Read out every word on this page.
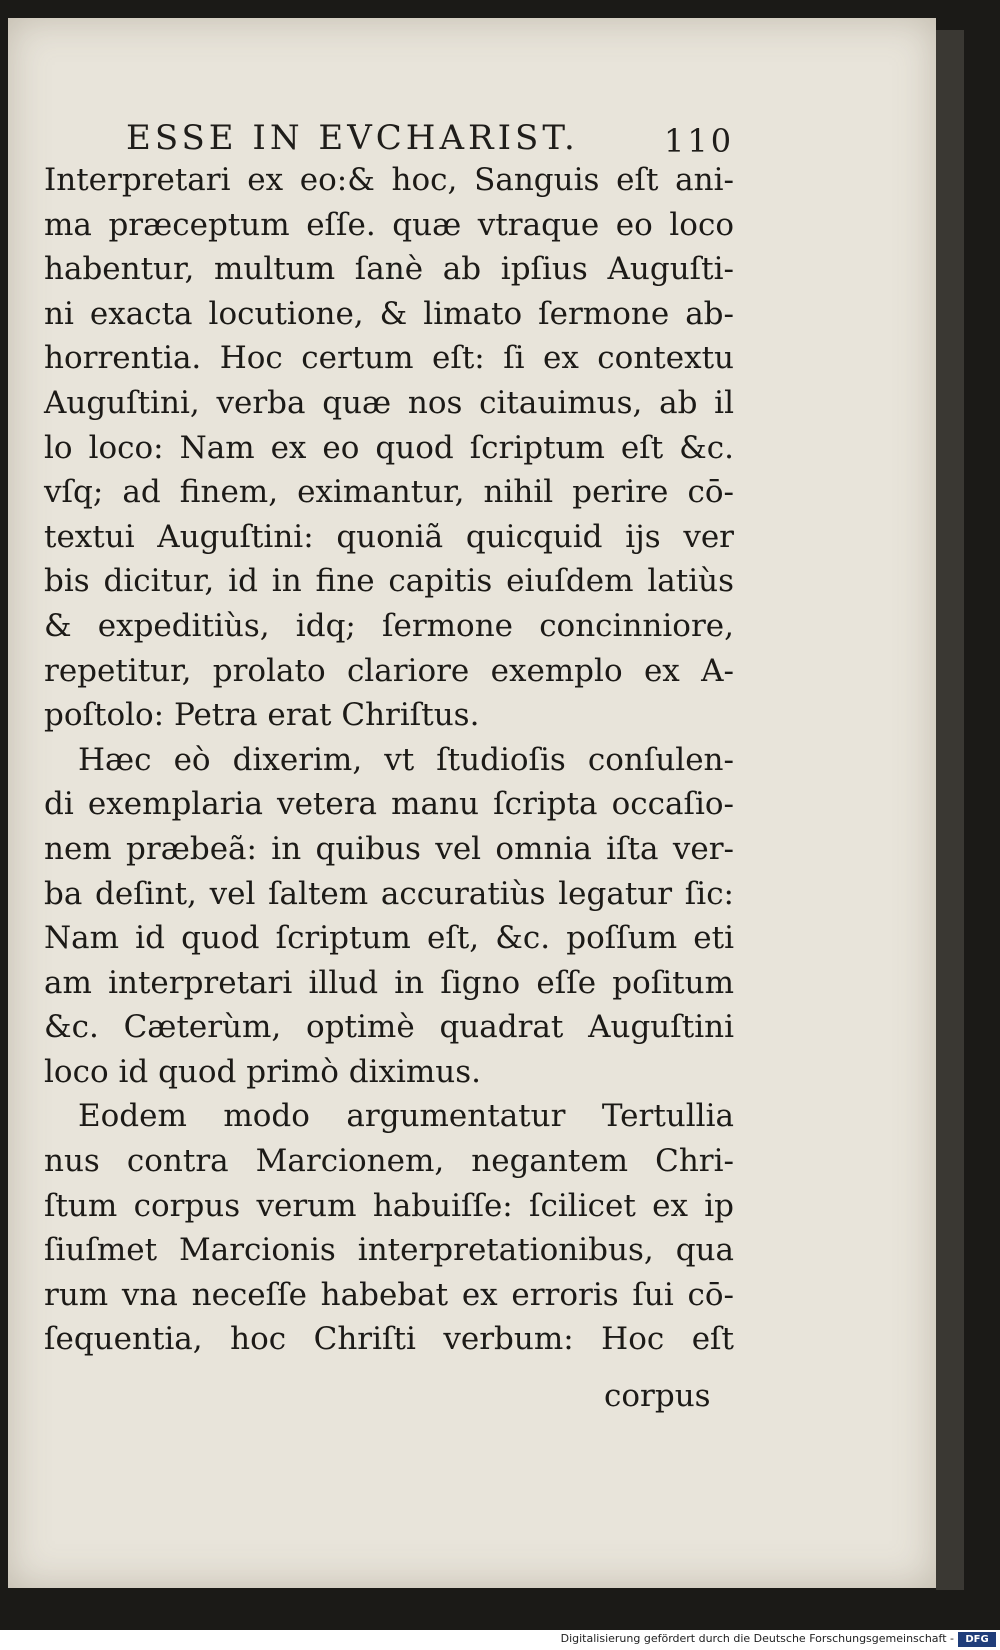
ESSE IN EVCHARIST.	110
Interpretari ex eo:& hoc, Sanguis eſt ani-
ma præceptum eſſe. quæ vtraque eo loco
habentur, multum ſanè ab ipſius Auguſti-
ni exacta locutione, & limato ſermone ab-
horrentia. Hoc certum eſt: ſi ex contextu
Auguſtini, verba quæ nos citauimus, ab il
lo loco: Nam ex eo quod ſcriptum eſt &c.
vſq; ad finem, eximantur, nihil perire cō-
textui Auguſtini: quoniã quicquid ijs ver
bis dicitur, id in fine capitis eiuſdem latiùs
& expeditiùs, idq; ſermone concinniore,
repetitur, prolato clariore exemplo ex A-
poſtolo: Petra erat Chriſtus.
Hæc eò dixerim, vt ſtudioſis conſulen-
di exemplaria vetera manu ſcripta occaſio-
nem præbeã: in quibus vel omnia iſta ver-
ba deſint, vel ſaltem accuratiùs legatur ſic:
Nam id quod ſcriptum eſt, &c. poſſum eti
am interpretari illud in ſigno eſſe poſitum
&c. Cæterùm, optimè quadrat Auguſtini
loco id quod primò diximus.
Eodem modo argumentatur Tertullia
nus contra Marcionem, negantem Chri-
ſtum corpus verum habuiſſe: ſcilicet ex ip
ſiuſmet Marcionis interpretationibus, qua
rum vna neceſſe habebat ex erroris ſui cō-
ſequentia, hoc Chriſti verbum: Hoc eſt
corpus
Digitalisierung gefördert durch die Deutsche Forschungsgemeinschaft -	DFG
